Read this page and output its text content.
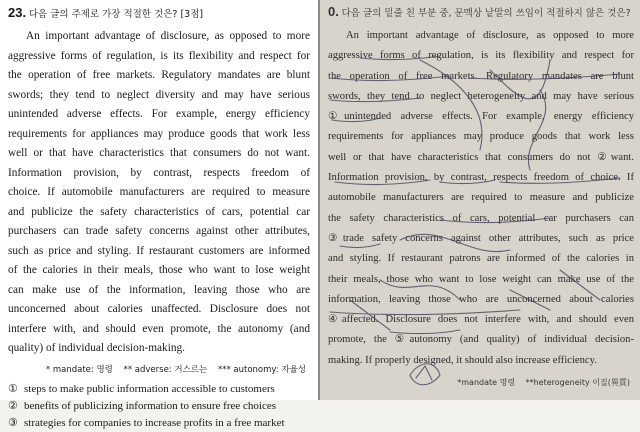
23. 다음 글의 주제로 가장 적절한 것은? [3점]
An important advantage of disclosure, as opposed to more
aggressive forms of regulation, is its flexibility and respect for
the operation of free markets. Regulatory mandates are blunt
swords; they tend to neglect diversity and may have serious
unintended adverse effects. For example, energy efficiency
requirements for appliances may produce goods that work less
well or that have characteristics that consumers do not want.
Information provision, by contrast, respects freedom of
choice. If automobile manufacturers are required to measure
and publicize the safety characteristics of cars, potential car
purchasers can trade safety concerns against other attributes,
such as price and styling. If restaurant customers are informed
of the calories in their meals, those who want to lose weight
can make use of the information, leaving those who are
unconcerned about calories unaffected. Disclosure does not
interfere with, and should even promote, the autonomy (and
quality) of individual decision-making.
* mandate: 명령 ** adverse: 거스르는 *** autonomy: 자율성
① steps to make public information accessible to customers
② benefits of publicizing information to ensure free choices
③ strategies for companies to increase profits in a free market
0. 다음 글의 밑줄 친 부분 중, 문맥상 낱말의 쓰임이 적절하지 않은 것은?
An important advantage of disclosure, as opposed to more
aggressive forms of regulation, is its flexibility and respect for
the operation of free markets. Regulatory mandates are blunt
swords, they tend to neglect heterogeneity and may have serious
①unintended adverse effects. For example, energy efficiency
requirements for appliances may produce goods that work less
well or that have characteristics that consumers do not ②want.
Information provision, by contrast, respects freedom of choice. If
automobile manufacturers are required to measure and publicize
the safety characteristics of cars, potential car purchasers can
③trade safety concerns against other attributes, such as price
and styling. If restaurant patrons are informed of the calories in
their meals, those who want to lose weight can make use of the
information, leaving those who are unconcerned about calories
④affected. Disclosure does not interfere with, and should even
promote, the ⑤autonomy (and quality) of individual decision-
making. If properly designed, it should also increase efficiency.
*mandate 명령 **heterogeneity 이질(異質)
